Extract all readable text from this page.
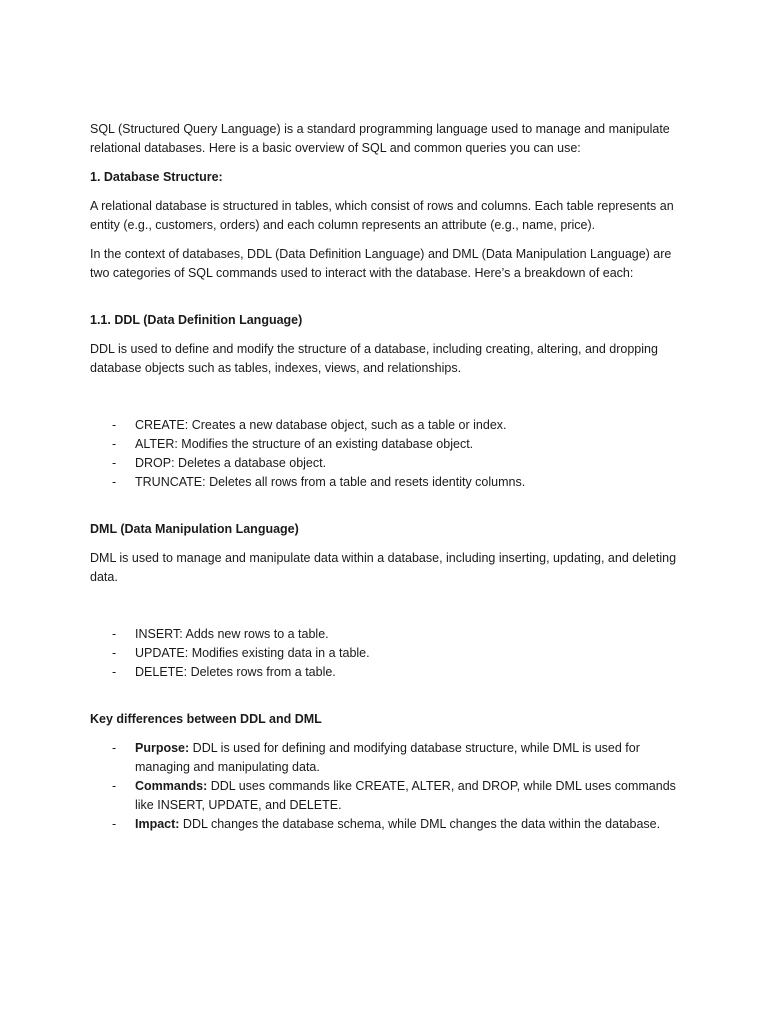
SQL (Structured Query Language) is a standard programming language used to manage and manipulate relational databases. Here is a basic overview of SQL and common queries you can use:

1. Database Structure:

A relational database is structured in tables, which consist of rows and columns. Each table represents an entity (e.g., customers, orders) and each column represents an attribute (e.g., name, price).

In the context of databases, DDL (Data Definition Language) and DML (Data Manipulation Language) are two categories of SQL commands used to interact with the database. Here’s a breakdown of each:

1.1. DDL (Data Definition Language)

DDL is used to define and modify the structure of a database, including creating, altering, and dropping database objects such as tables, indexes, views, and relationships.

- CREATE: Creates a new database object, such as a table or index.
- ALTER: Modifies the structure of an existing database object.
- DROP: Deletes a database object.
- TRUNCATE: Deletes all rows from a table and resets identity columns.

DML (Data Manipulation Language)

DML is used to manage and manipulate data within a database, including inserting, updating, and deleting data.

- INSERT: Adds new rows to a table.
- UPDATE: Modifies existing data in a table.
- DELETE: Deletes rows from a table.

Key differences between DDL and DML

- Purpose: DDL is used for defining and modifying database structure, while DML is used for managing and manipulating data.
- Commands: DDL uses commands like CREATE, ALTER, and DROP, while DML uses commands like INSERT, UPDATE, and DELETE.
- Impact: DDL changes the database schema, while DML changes the data within the database.
